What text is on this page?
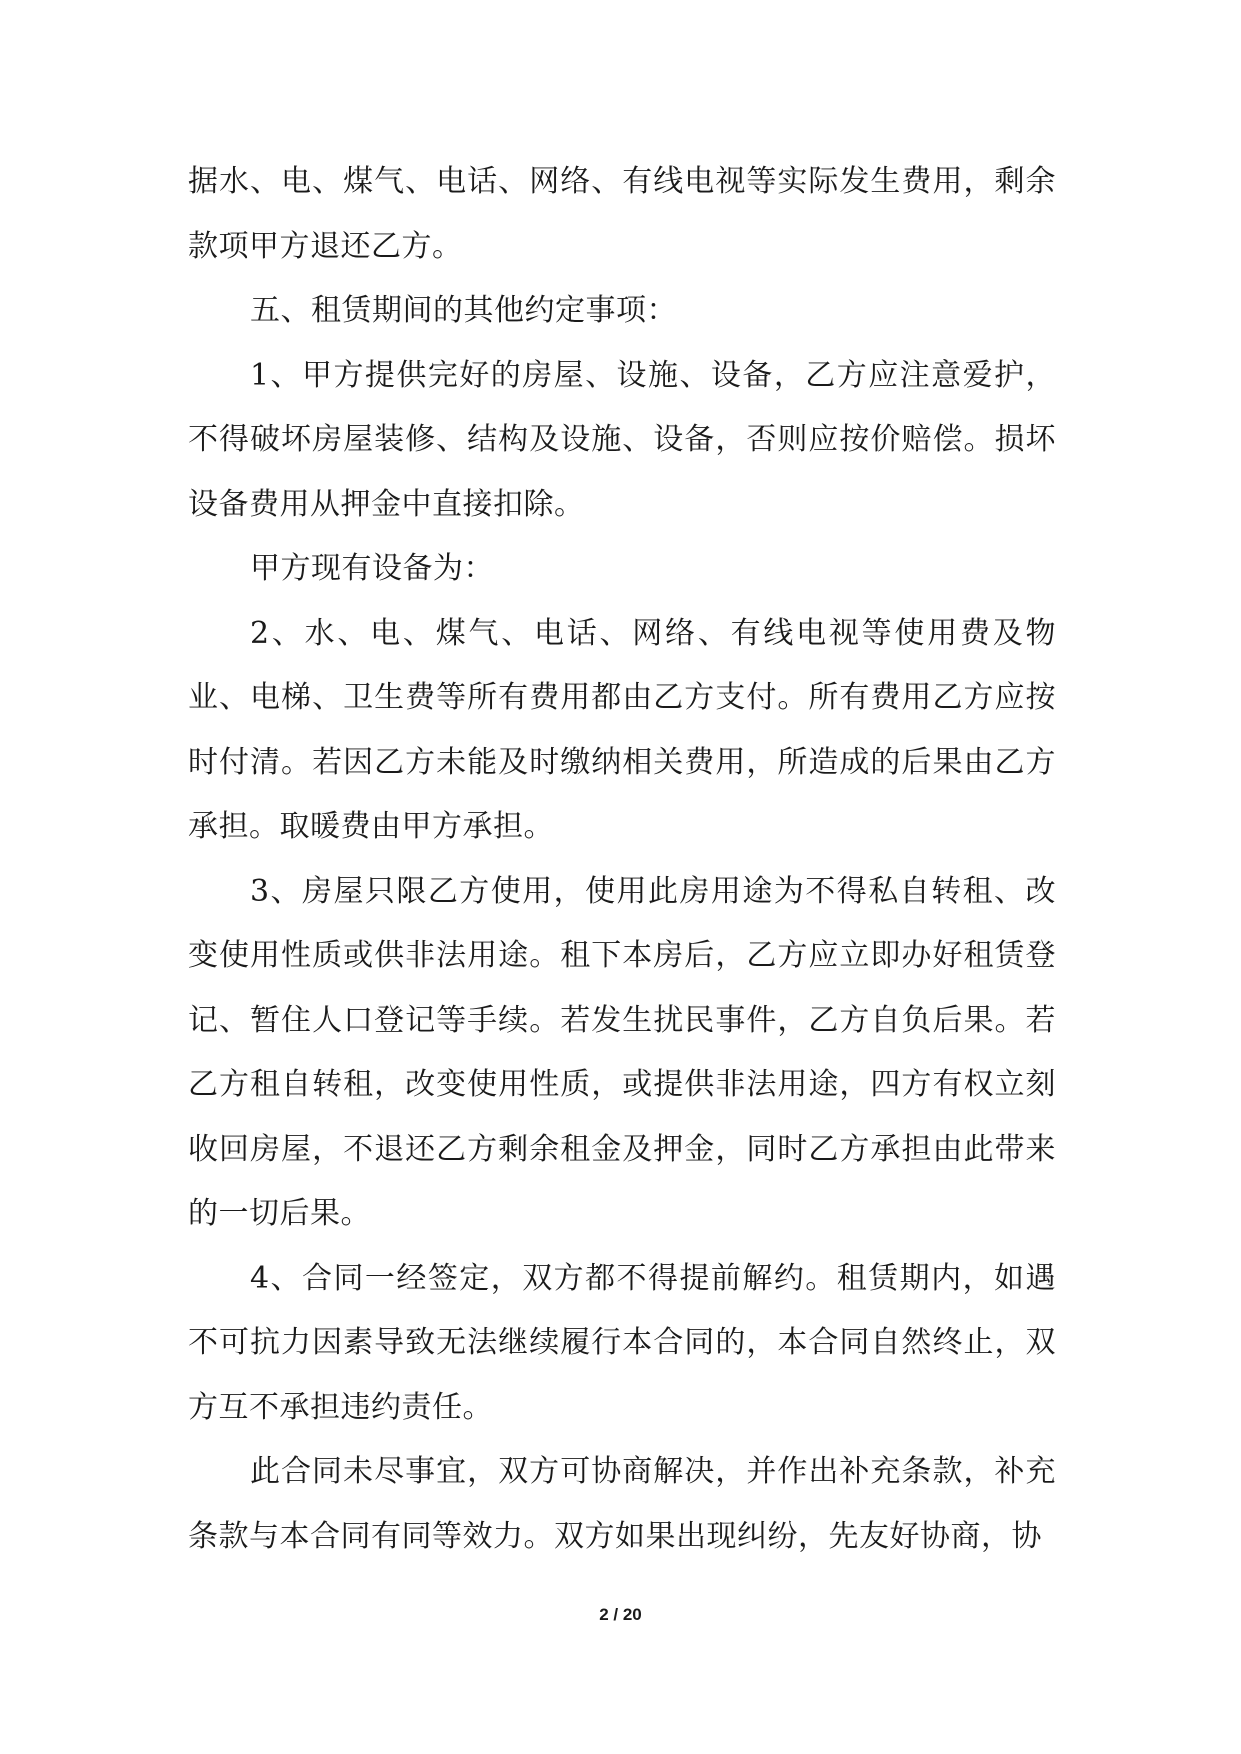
据水、电、煤气、电话、网络、有线电视等实际发生费用，剩余款项甲方退还乙方。

五、租赁期间的其他约定事项：

1、甲方提供完好的房屋、设施、设备，乙方应注意爱护，不得破坏房屋装修、结构及设施、设备，否则应按价赔偿。损坏设备费用从押金中直接扣除。

甲方现有设备为：

2、水、电、煤气、电话、网络、有线电视等使用费及物业、电梯、卫生费等所有费用都由乙方支付。所有费用乙方应按时付清。若因乙方未能及时缴纳相关费用，所造成的后果由乙方承担。取暖费由甲方承担。

3、房屋只限乙方使用，使用此房用途为不得私自转租、改变使用性质或供非法用途。租下本房后，乙方应立即办好租赁登记、暂住人口登记等手续。若发生扰民事件，乙方自负后果。若乙方租自转租，改变使用性质，或提供非法用途，四方有权立刻收回房屋，不退还乙方剩余租金及押金，同时乙方承担由此带来的一切后果。

4、合同一经签定，双方都不得提前解约。租赁期内，如遇不可抗力因素导致无法继续履行本合同的，本合同自然终止，双方互不承担违约责任。

此合同未尽事宜，双方可协商解决，并作出补充条款，补充条款与本合同有同等效力。双方如果出现纠纷，先友好协商，协

2 / 20
